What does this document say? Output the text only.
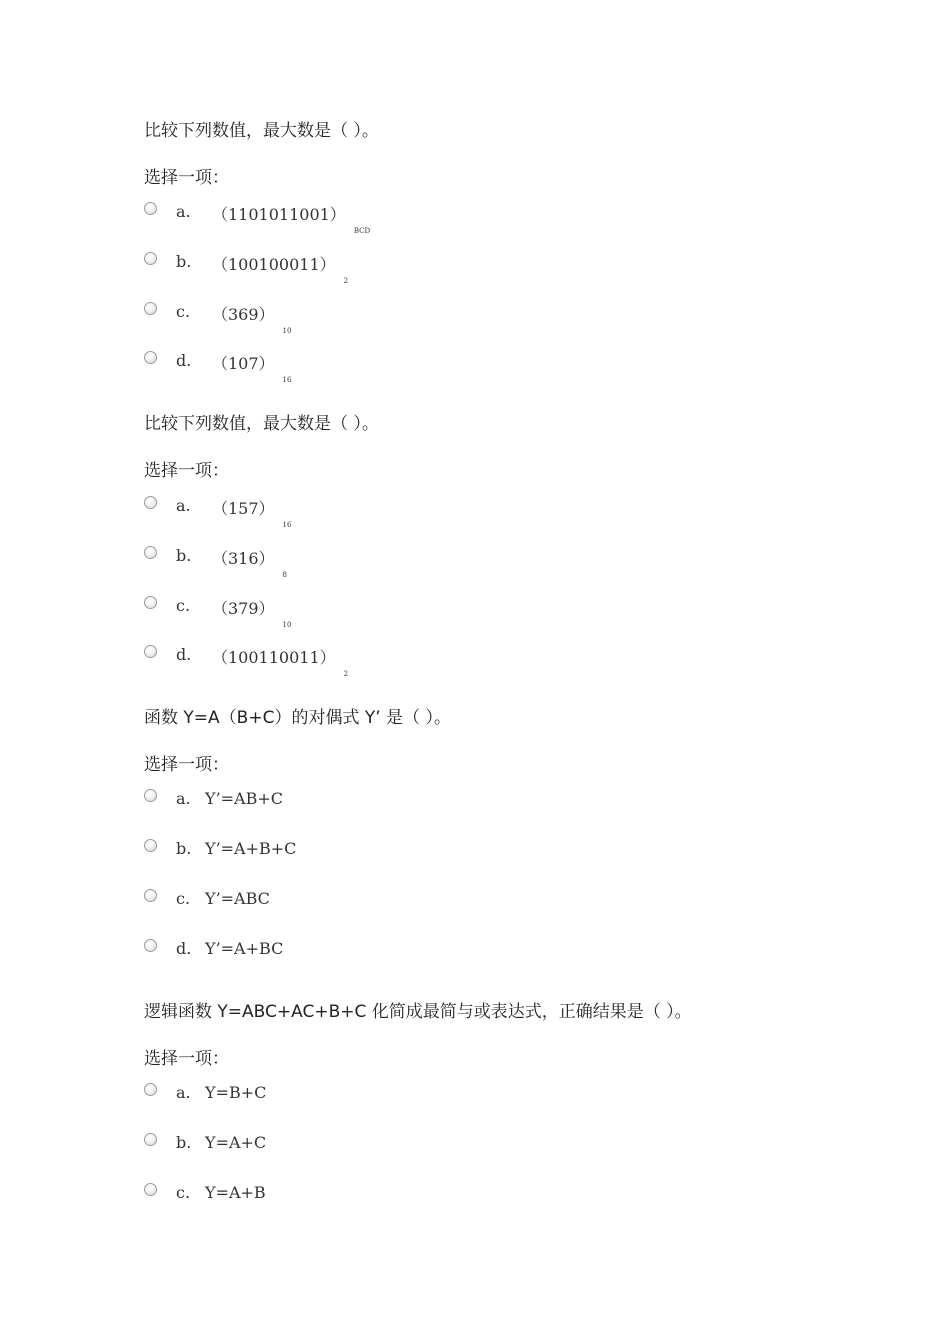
比较下列数值，最大数是（ ）。
选择一项：
a. $(1101011001)_{BCD}$
b. $(100100011)_2$
c. $(369)_{10}$
d. $(107)_{16}$
比较下列数值，最大数是（ ）。
选择一项：
a. $(157)_{16}$
b. $(316)_8$
c. $(379)_{10}$
d. $(100110011)_2$
函数 Y=A（B+C）的对偶式 Y’ 是（ ）。
选择一项：
a. Y’=AB+C
b. Y’=A+B+C
c. Y’=ABC
d. Y’=A+BC
逻辑函数 Y=ABC+AC+B+C 化简成最简与或表达式，正确结果是（ ）。
选择一项：
a. Y=B+C
b. Y=A+C
c. Y=A+B
